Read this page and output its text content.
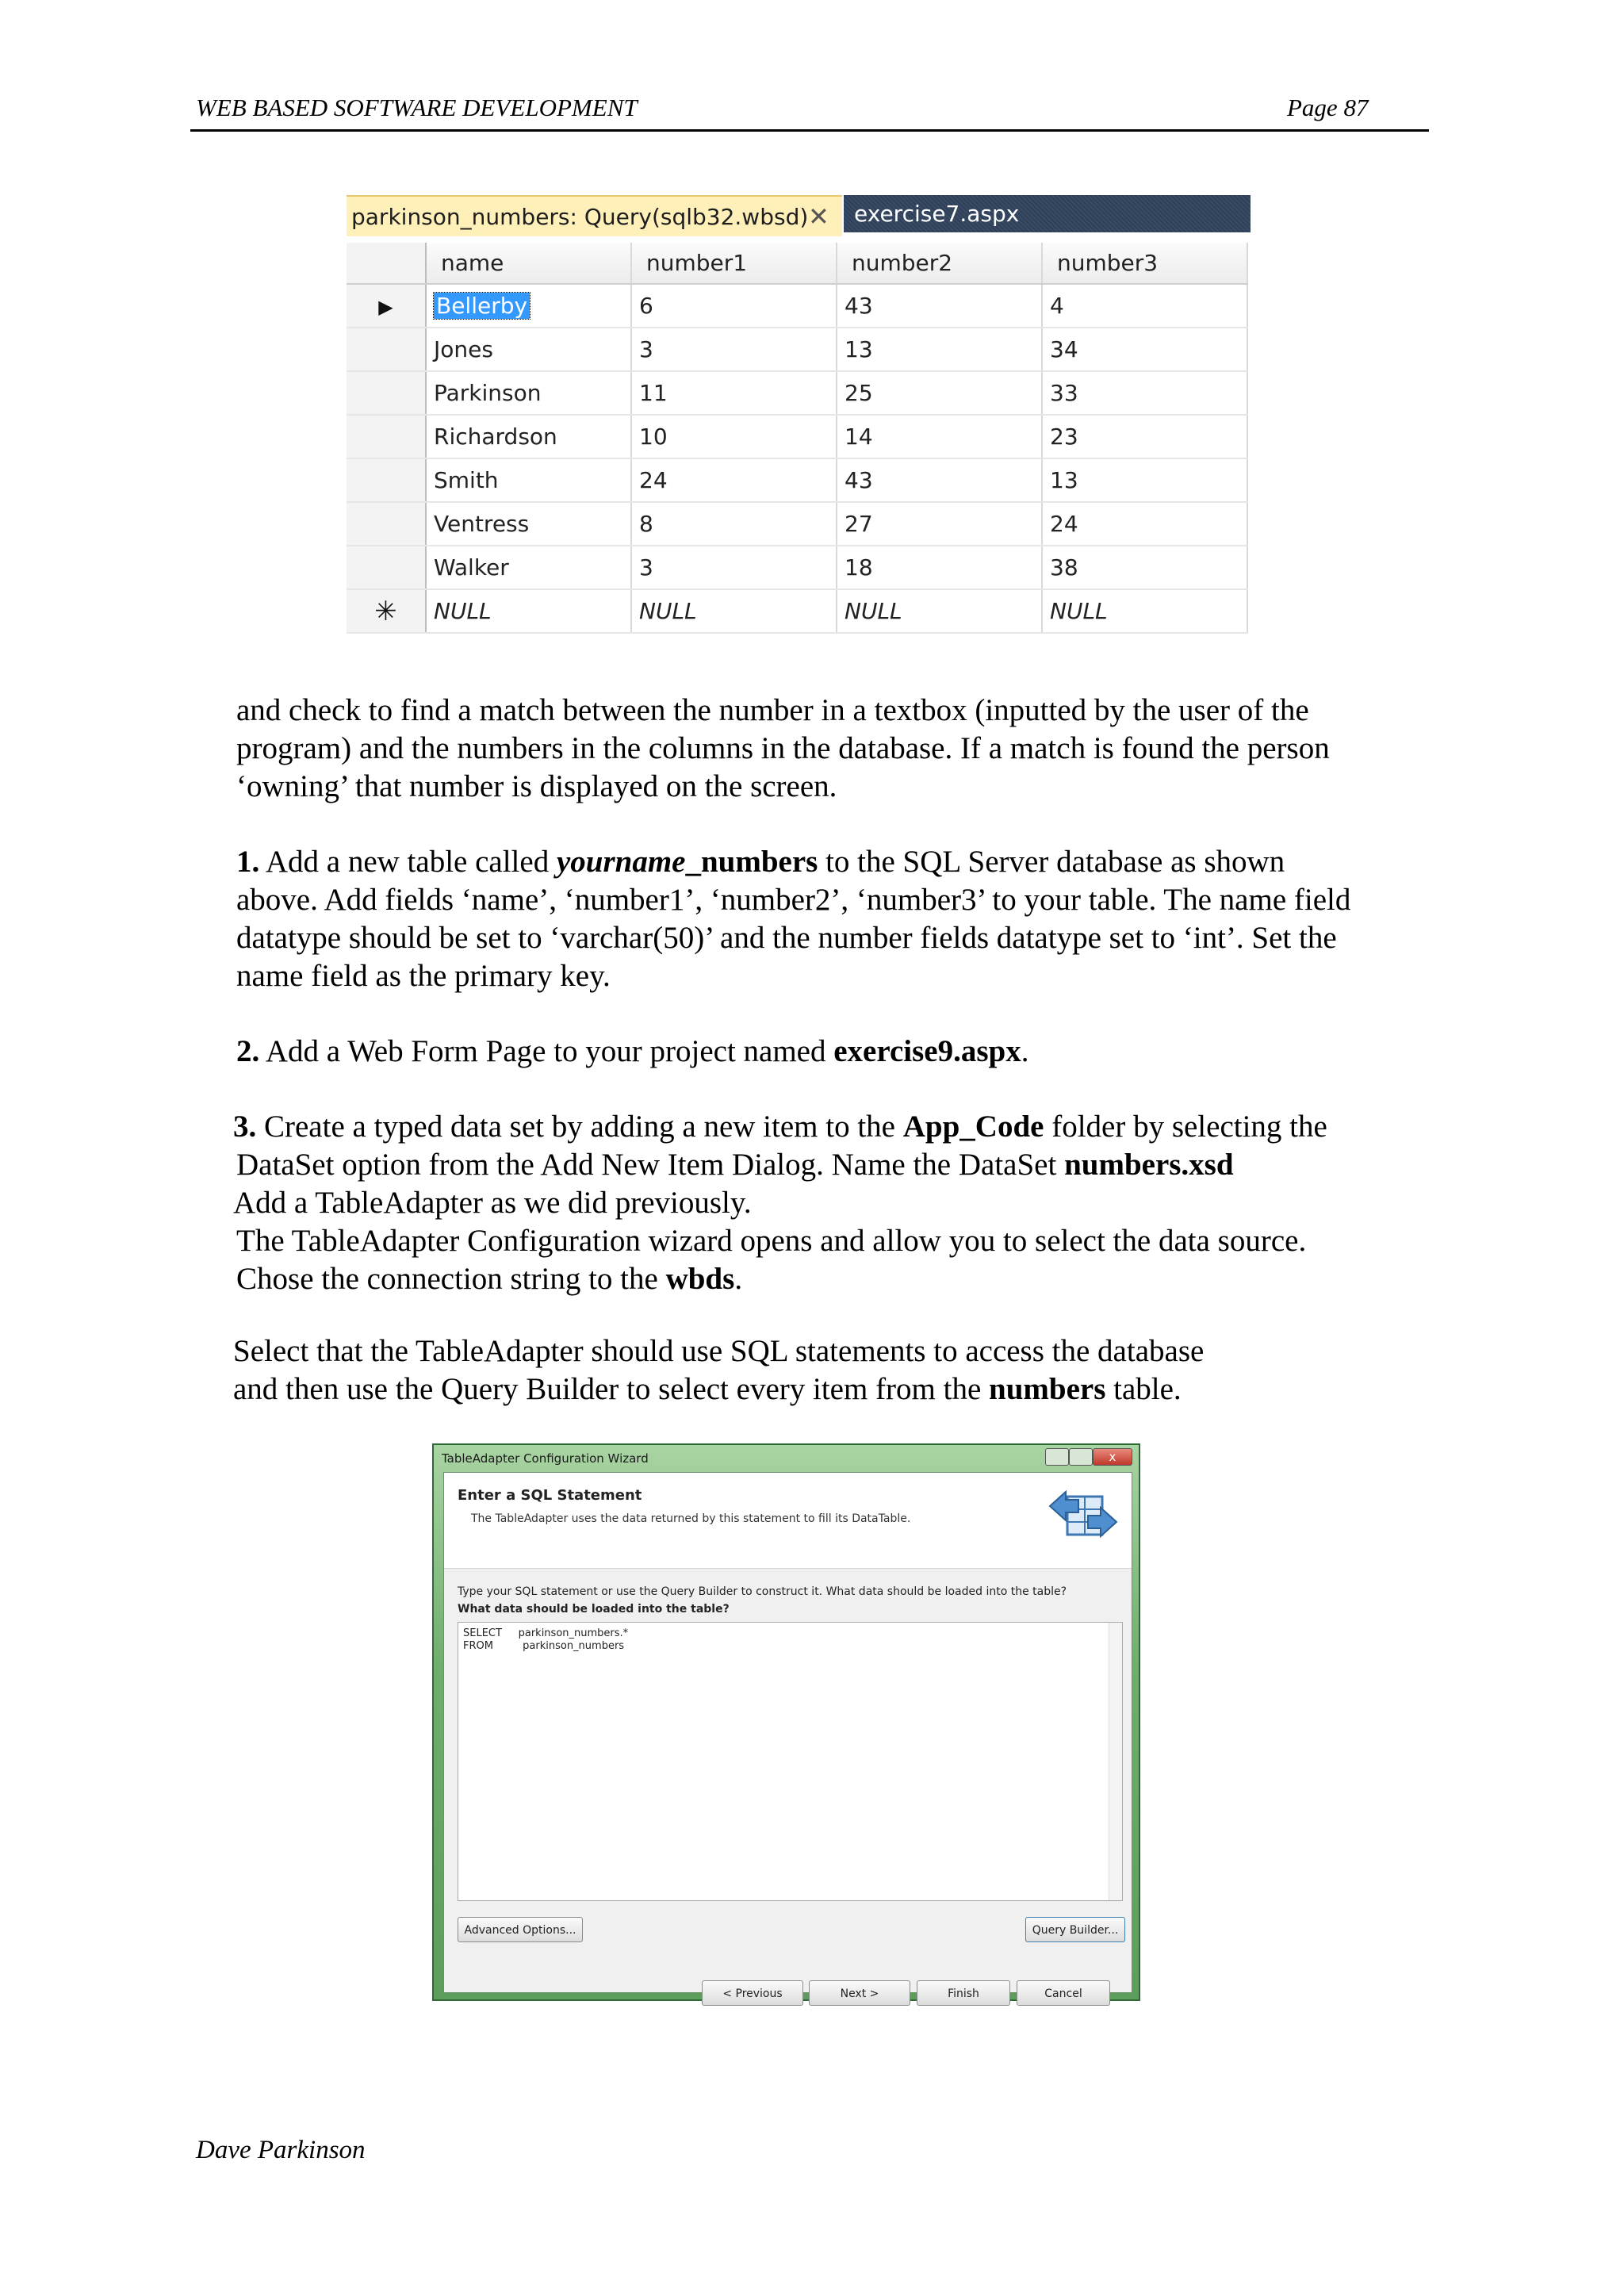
WEB BASED SOFTWARE DEVELOPMENT	Page 87
parkinson_numbers: Query(sqlb32.wbsd) ✕ exercise7.aspx
	name	number1	number2	number3
▶	Bellerby	6	43	4
	Jones	3	13	34
	Parkinson	11	25	33
	Richardson	10	14	23
	Smith	24	43	13
	Ventress	8	27	24
	Walker	3	18	38
✳	NULL	NULL	NULL	NULL

and check to find a match between the number in a textbox (inputted by the user of the

program) and the numbers in the columns in the database. If a match is found the person

‘owning’ that number is displayed on the screen.

1. Add a new table called yourname_numbers to the SQL Server database as shown

above. Add fields ‘name’, ‘number1’, ‘number2’, ‘number3’ to your table. The name field

datatype should be set to ‘varchar(50)’ and the number fields datatype set to ‘int’. Set the

name field as the primary key.

2. Add a Web Form Page to your project named exercise9.aspx.

3. Create a typed data set by adding a new item to the App_Code folder by selecting the

DataSet option from the Add New Item Dialog. Name the DataSet numbers.xsd

Add a TableAdapter as we did previously.

The TableAdapter Configuration wizard opens and allow you to select the data source.

Chose the connection string to the wbds.

Select that the TableAdapter should use SQL statements to access the database

and then use the Query Builder to select every item from the numbers table.

TableAdapter Configuration Wizard	x
Enter a SQL Statement
The TableAdapter uses the data returned by this statement to fill its DataTable.
Type your SQL statement or use the Query Builder to construct it. What data should be loaded into the table?
What data should be loaded into the table?
SELECT     parkinson_numbers.*
FROM         parkinson_numbers
Advanced Options...	Query Builder...
< Previous	Next >	Finish	Cancel
Dave Parkinson
